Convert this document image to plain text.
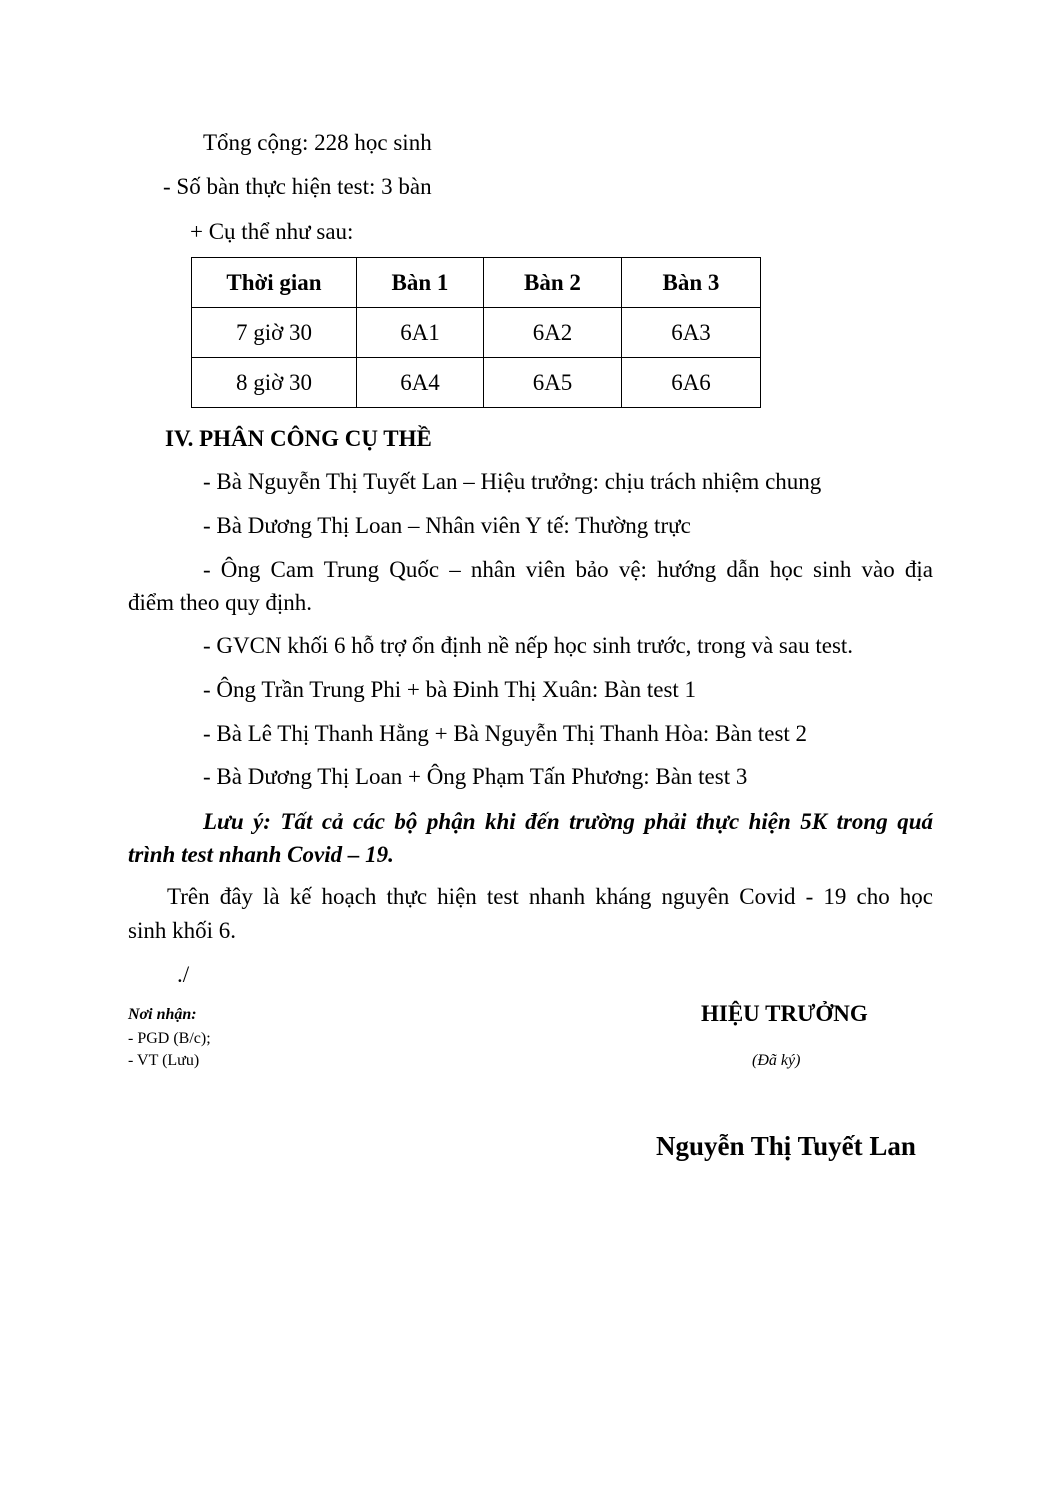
Tổng cộng: 228 học sinh
- Số bàn thực hiện test: 3 bàn
+ Cụ thể như sau:
Thời gian	Bàn 1	Bàn 2	Bàn 3
7 giờ 30	6A1	6A2	6A3
8 giờ 30	6A4	6A5	6A6
IV. PHÂN CÔNG CỤ THỀ
- Bà Nguyễn Thị Tuyết Lan – Hiệu trưởng: chịu trách nhiệm chung
- Bà Dương Thị Loan – Nhân viên Y tế: Thường trực
- Ông Cam Trung Quốc – nhân viên bảo vệ: hướng dẫn học sinh vào địa
điểm theo quy định.
- GVCN khối 6 hỗ trợ ổn định nề nếp học sinh trước, trong và sau test.
- Ông Trần Trung Phi + bà Đinh Thị Xuân: Bàn test 1
- Bà Lê Thị Thanh Hằng + Bà Nguyễn Thị Thanh Hòa: Bàn test 2
- Bà Dương Thị Loan + Ông Phạm Tấn Phương: Bàn test 3
Lưu ý: Tất cả các bộ phận khi đến trường phải thực hiện 5K trong quá
trình test nhanh Covid – 19.
Trên đây là kế hoạch thực hiện test nhanh kháng nguyên Covid - 19 cho học
sinh khối 6.
./
Nơi nhận:
- PGD (B/c);
- VT (Lưu)
HIỆU TRƯỞNG
(Đã ký)
Nguyễn Thị Tuyết Lan
